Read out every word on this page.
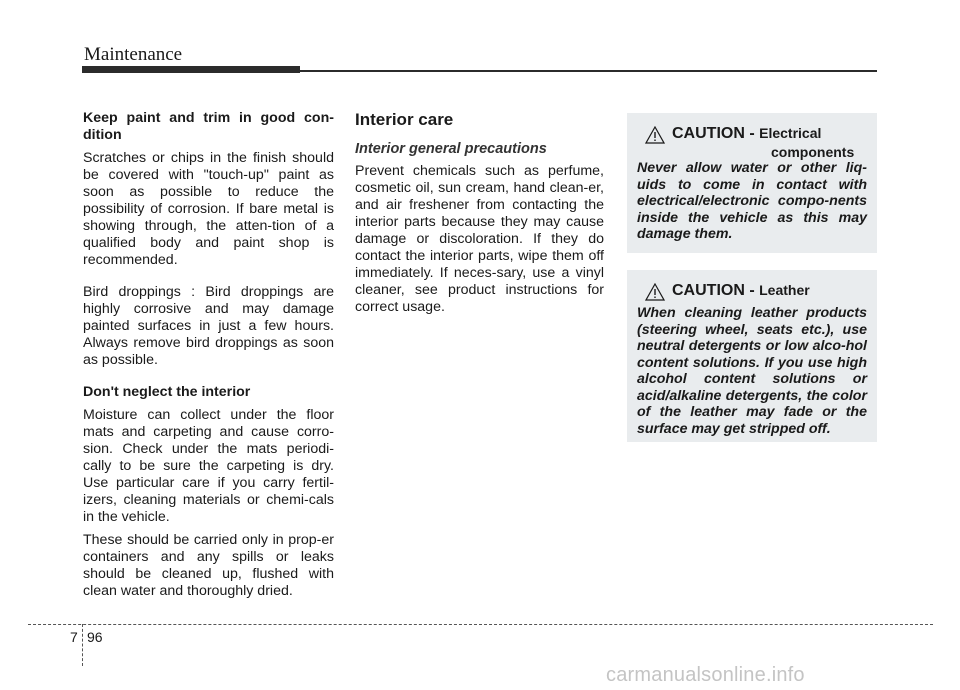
Maintenance

Keep paint and trim in good con-dition

Scratches or chips in the finish should be covered with "touch-up" paint as soon as possible to reduce the possibility of corrosion. If bare metal is showing through, the atten-tion of a qualified body and paint shop is recommended.

Bird droppings : Bird droppings are highly corrosive and may damage painted surfaces in just a few hours. Always remove bird droppings as soon as possible.

Don't neglect the interior

Moisture can collect under the floor mats and carpeting and cause corro-sion. Check under the mats periodi-cally to be sure the carpeting is dry. Use particular care if you carry fertil-izers, cleaning materials or chemi-cals in the vehicle.

These should be carried only in prop-er containers and any spills or leaks should be cleaned up, flushed with clean water and thoroughly dried.

Interior care
Interior general precautions

Prevent chemicals such as perfume, cosmetic oil, sun cream, hand clean-er, and air freshener from contacting the interior parts because they may cause damage or discoloration. If they do contact the interior parts, wipe them off immediately. If neces-sary, use a vinyl cleaner, see product instructions for correct usage.

CAUTION - Electrical
components

Never allow water or other liq-uids to come in contact with electrical/electronic compo-nents inside the vehicle as this may damage them.

CAUTION - Leather

When cleaning leather products (steering wheel, seats etc.), use neutral detergents or low alco-hol content solutions. If you use high alcohol content solutions or acid/alkaline detergents, the color of the leather may fade or the surface may get stripped off.

7 96
carmanualsonline.info
